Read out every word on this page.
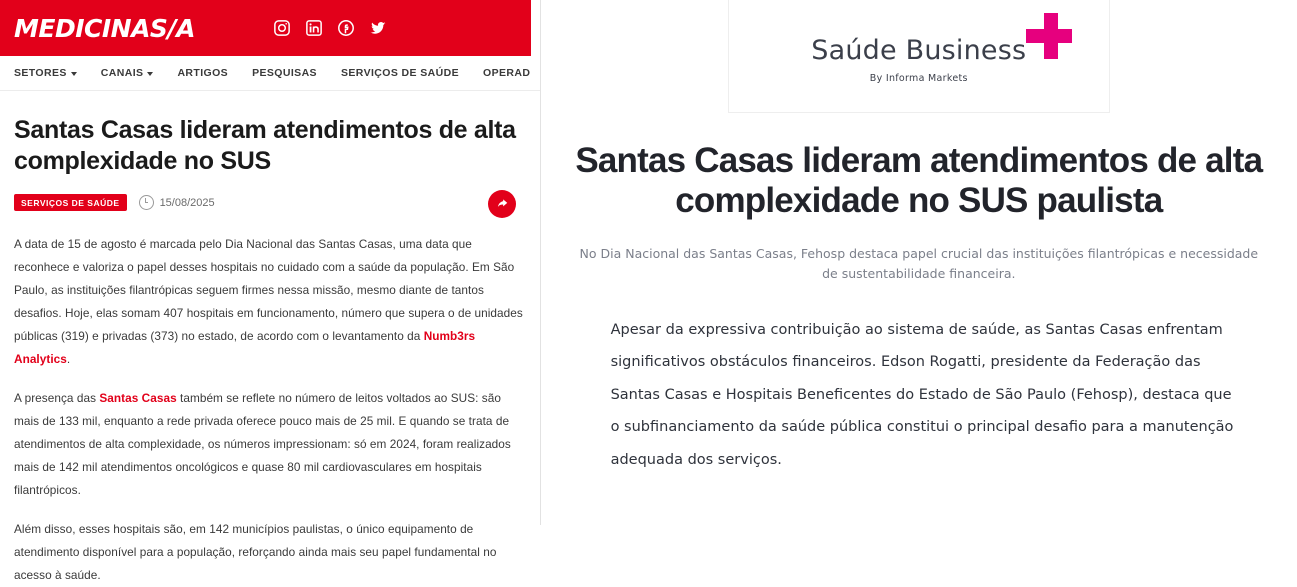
MEDICINAS/A
SETORES	CANAIS	ARTIGOS PESQUISAS SERVIÇOS DE SAÚDE OPERAD
Santas Casas lideram atendimentos de alta complexidade no SUS
SERVIÇOS DE SAÚDE	15/08/2025

A data de 15 de agosto é marcada pelo Dia Nacional das Santas Casas, uma data que reconhece e valoriza o papel desses hospitais no cuidado com a saúde da população. Em São Paulo, as instituições filantrópicas seguem firmes nessa missão, mesmo diante de tantos desafios. Hoje, elas somam 407 hospitais em funcionamento, número que supera o de unidades públicas (319) e privadas (373) no estado, de acordo com o levantamento da Numb3rs Analytics.

A presença das Santas Casas também se reflete no número de leitos voltados ao SUS: são mais de 133 mil, enquanto a rede privada oferece pouco mais de 25 mil. E quando se trata de atendimentos de alta complexidade, os números impressionam: só em 2024, foram realizados mais de 142 mil atendimentos oncológicos e quase 80 mil cardiovasculares em hospitais filantrópicos.

Além disso, esses hospitais são, em 142 municípios paulistas, o único equipamento de atendimento disponível para a população, reforçando ainda mais seu papel fundamental no acesso à saúde.

Saúde Business
By Informa Markets
Santas Casas lideram atendimentos de alta complexidade no SUS paulista
No Dia Nacional das Santas Casas, Fehosp destaca papel crucial das instituições filantrópicas e necessidade de sustentabilidade financeira.

Apesar da expressiva contribuição ao sistema de saúde, as Santas Casas enfrentam significativos obstáculos financeiros. Edson Rogatti, presidente da Federação das Santas Casas e Hospitais Beneficentes do Estado de São Paulo (Fehosp), destaca que o subfinanciamento da saúde pública constitui o principal desafio para a manutenção adequada dos serviços.
